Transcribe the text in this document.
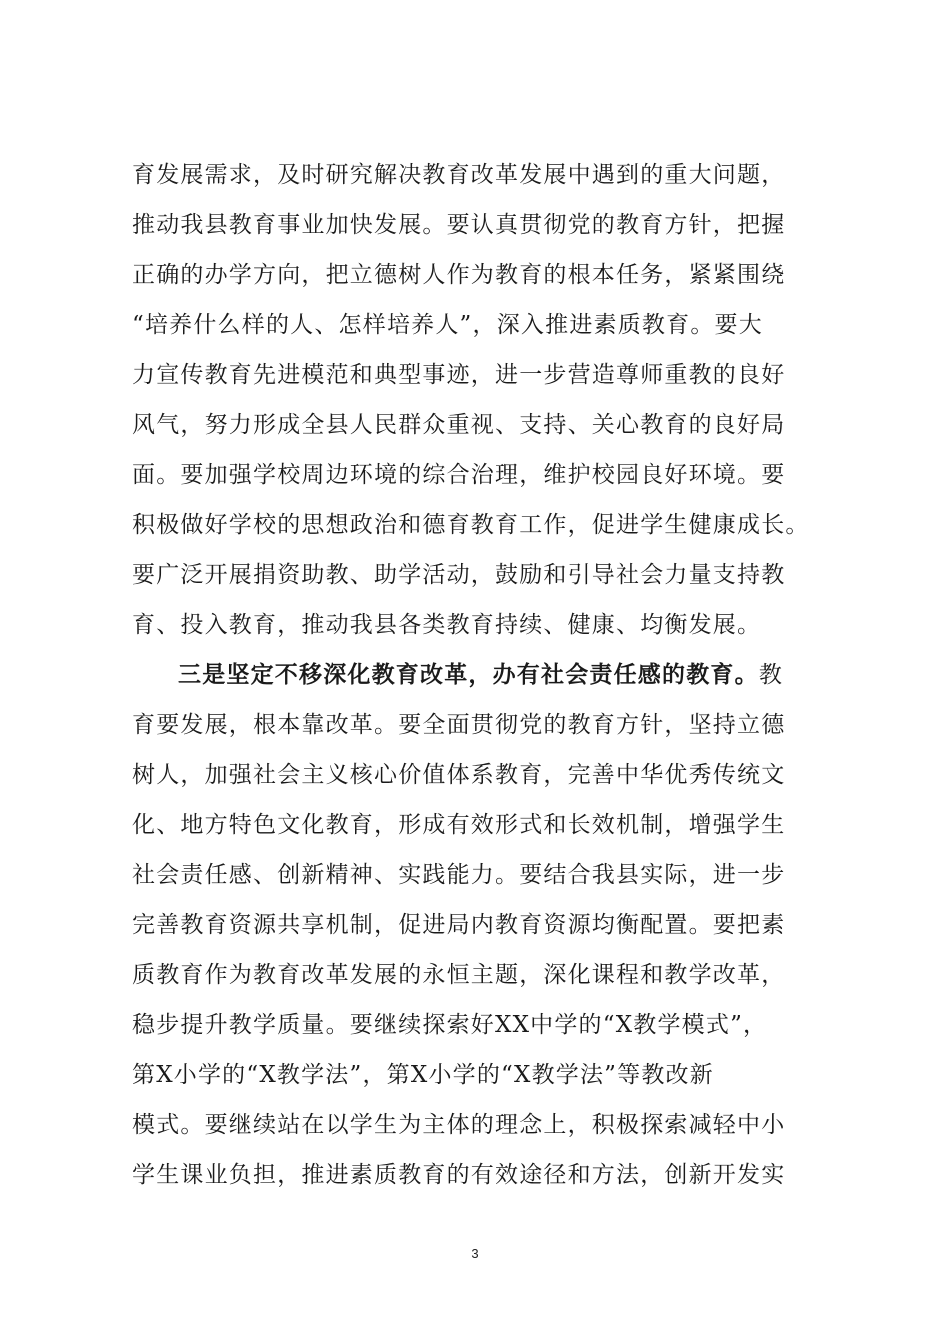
育发展需求，及时研究解决教育改革发展中遇到的重大问题，
推动我县教育事业加快发展。要认真贯彻党的教育方针，把握
正确的办学方向，把立德树人作为教育的根本任务，紧紧围绕
“培养什么样的人、怎样培养人”，深入推进素质教育。要大
力宣传教育先进模范和典型事迹，进一步营造尊师重教的良好
风气，努力形成全县人民群众重视、支持、关心教育的良好局
面。要加强学校周边环境的综合治理，维护校园良好环境。要
积极做好学校的思想政治和德育教育工作，促进学生健康成长。
要广泛开展捐资助教、助学活动，鼓励和引导社会力量支持教
育、投入教育，推动我县各类教育持续、健康、均衡发展。
三是坚定不移深化教育改革，办有社会责任感的教育。教
育要发展，根本靠改革。要全面贯彻党的教育方针，坚持立德
树人，加强社会主义核心价值体系教育，完善中华优秀传统文
化、地方特色文化教育，形成有效形式和长效机制，增强学生
社会责任感、创新精神、实践能力。要结合我县实际，进一步
完善教育资源共享机制，促进局内教育资源均衡配置。要把素
质教育作为教育改革发展的永恒主题，深化课程和教学改革，
稳步提升教学质量。要继续探索好XX中学的“X教学模式”，
第X小学的“X教学法”，第X小学的“X教学法”等教改新
模式。要继续站在以学生为主体的理念上，积极探索减轻中小
学生课业负担，推进素质教育的有效途径和方法，创新开发实
3
